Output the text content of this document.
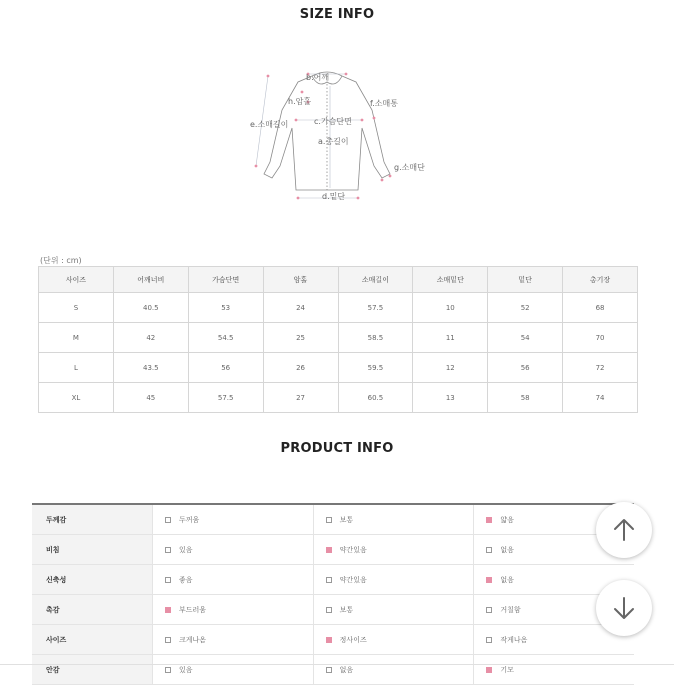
SIZE INFO
b.어깨
h.암홀	f.소매통
e.소매길이	c.가슴단면
a.총길이
g.소매단
d.밑단
(단위 : cm)
사이즈	어깨너비	가슴단면	암홀	소매길이	소매밑단	밑단	총기장
S	40.5	53	24	57.5	10	52	68
M	42	54.5	25	58.5	11	54	70
L	43.5	56	26	59.5	12	56	72
XL	45	57.5	27	60.5	13	58	74
PRODUCT INFO
두께감	두꺼움	보통	얇음
비침	있음	약간있음	없음
신축성	좋음	약간있음	없음
촉감	부드러움	보통	거칠함
사이즈	크게나옴	정사이즈	작게나옴
안감	있음	없음	기모
